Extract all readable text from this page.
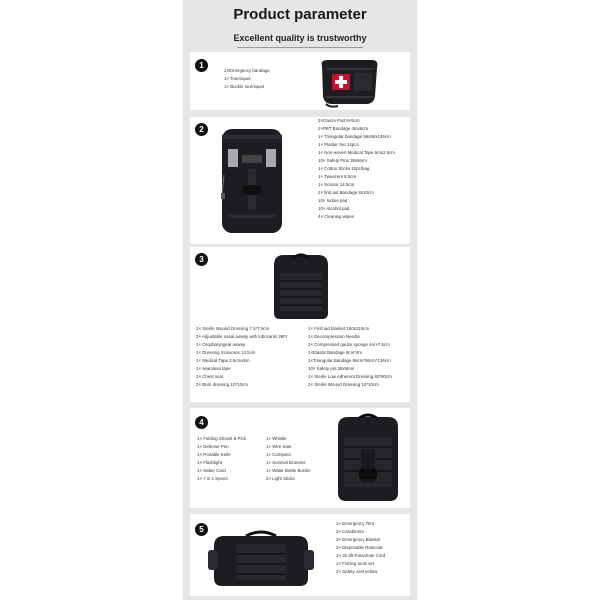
Product parameter
Excellent quality is trustworthy
1
1×Emergency bandage
1× Tourniquet
1× Buckle tourniquet
2
2×Gauze Pad 5×5cm
2×PBT Bandage 4mx6cm
1× Triangular bandage 96x96x136cm
1× Plaster Set 14pcs
1× Non-woven Medical Tape 5mx2.5cm
10× Safety Pins 38x9mm
1× Cotton Sticks 10pc/bag
1× Tweezers 8.5cm
1× Scissor 14.5cm
2× first aid Bandage 8x10cm
10× Iodine pad
10× Alcohol pad
4× Cleaning wipes
3
2× Sterile Wound Dressing 7.5*7.5cm
2× Adjustable nasal airway with lubricants 28Fr
1× Oropharyngeal airway
1× Dressing Scissores 14.5cm
1× Medical Tape 2.5cmx5m
1× seamless tape
2× Chest seal
2× Burn dressing 10*10cm
1× First aid blanket 160x210cm
1× Decompression Needle
2× Compressed gauze sponge 4m×7.5cm
1×Elastic Bandage 8cm*4m
1×Triangular Bandage 96cm*96cm*136cm
10× Safety pin 38x9mm
1× Sterile Low Adherent Dressing 60*80cm
2× Sterile Wound Dressing 10*10cm
4
1× Folding Shovel & Pick
1× Defense Pen
1× Portable Knife
1× Flashlight
1× Saber Card
1× 7 in 1 Spoon
1× Whistle
1× Wire Saw
1× Compass
1× Survival Bracelet
1× Water Bottle Buckle
2× Light Sticks
5
1× Emergency Tent
3× Carabiners
3× Emergency Blanket
3× Disposable Raincoat
1× 32.8ft Parachute Cord
1× Fishing tools set
3× Safety vest yellow
